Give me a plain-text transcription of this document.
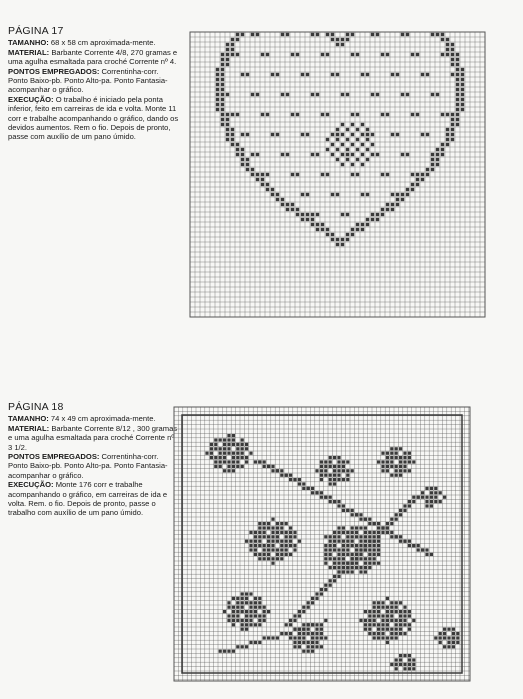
PÁGINA 17

TAMANHO: 68 x 58 cm aproximada-mente.

MATERIAL: Barbante Corrente 4/8, 270 gramas e uma agulha esmaltada para croché Corrente nº 4.

PONTOS EMPREGADOS: Correntinha-corr. Ponto Baixo-pb. Ponto Alto-pa. Ponto Fantasia-acompanhar o gráfico.

EXECUÇÃO: O trabalho é iniciado pela ponta inferior, feito em carreiras de ida e volta. Monte 11 corr e trabalhe acompanhando o gráfico, dando os devidos aumentos. Rem o fio. Depois de pronto, passe com auxílio de um pano úmido.

PÁGINA 18

TAMANHO: 74 x 49 cm aproximada-mente.

MATERIAL: Barbante Corrente 8/12 , 300 gramas e uma agulha esmaltada para croché Corrente nº 3 1/2.

PONTOS EMPREGADOS: Correntinha-corr. Ponto Baixo-pb. Ponto Alto-pa. Ponto Fantasia-acompanhar o gráfico.

EXECUÇÃO: Monte 176 corr e trabalhe acompanhando o gráfico, em carreiras de ida e volta. Rem. o fio. Depois de pronto, passe o trabalho com auxílio de um pano úmido.
